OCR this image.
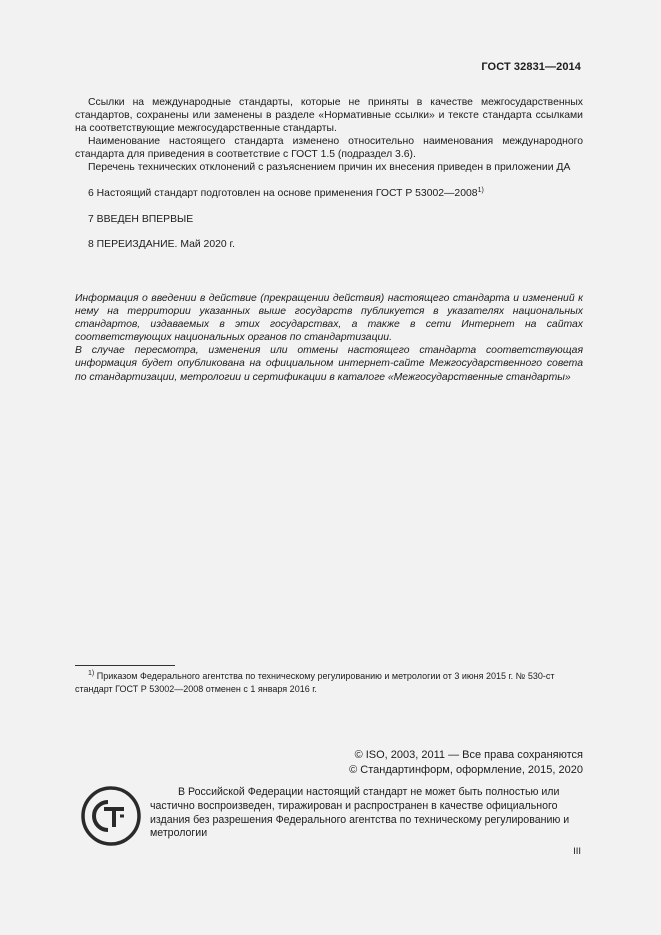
ГОСТ 32831—2014

Ссылки на международные стандарты, которые не приняты в качестве межгосударственных стандартов, сохранены или заменены в разделе «Нормативные ссылки» и тексте стандарта ссылками на соответствующие межгосударственные стандарты.

Наименование настоящего стандарта изменено относительно наименования международного стандарта для приведения в соответствие с ГОСТ 1.5 (подраздел 3.6).

Перечень технических отклонений с разъяснением причин их внесения приведен в приложении ДА

6 Настоящий стандарт подготовлен на основе применения ГОСТ Р 53002—2008$^{1)}$

7 ВВЕДЕН ВПЕРВЫЕ

8 ПЕРЕИЗДАНИЕ. Май 2020 г.

Информация о введении в действие (прекращении действия) настоящего стандарта и изменений к нему на территории указанных выше государств публикуется в указателях национальных стандартов, издаваемых в этих государствах, а также в сети Интернет на сайтах соответствующих национальных органов по стандартизации.

В случае пересмотра, изменения или отмены настоящего стандарта соответствующая информация будет опубликована на официальном интернет-сайте Межгосударственного совета по стандартизации, метрологии и сертификации в каталоге «Межгосударственные стандарты»

$^{1)}$ Приказом Федерального агентства по техническому регулированию и метрологии от 3 июня 2015 г. № 530-ст стандарт ГОСТ Р 53002—2008 отменен с 1 января 2016 г.

© ISO, 2003, 2011 — Все права сохраняются
© Стандартинформ, оформление, 2015, 2020

В Российской Федерации настоящий стандарт не может быть полностью или частично воспроизведен, тиражирован и распространен в качестве официального издания без разрешения Федерального агентства по техническому регулированию и метрологии

III
